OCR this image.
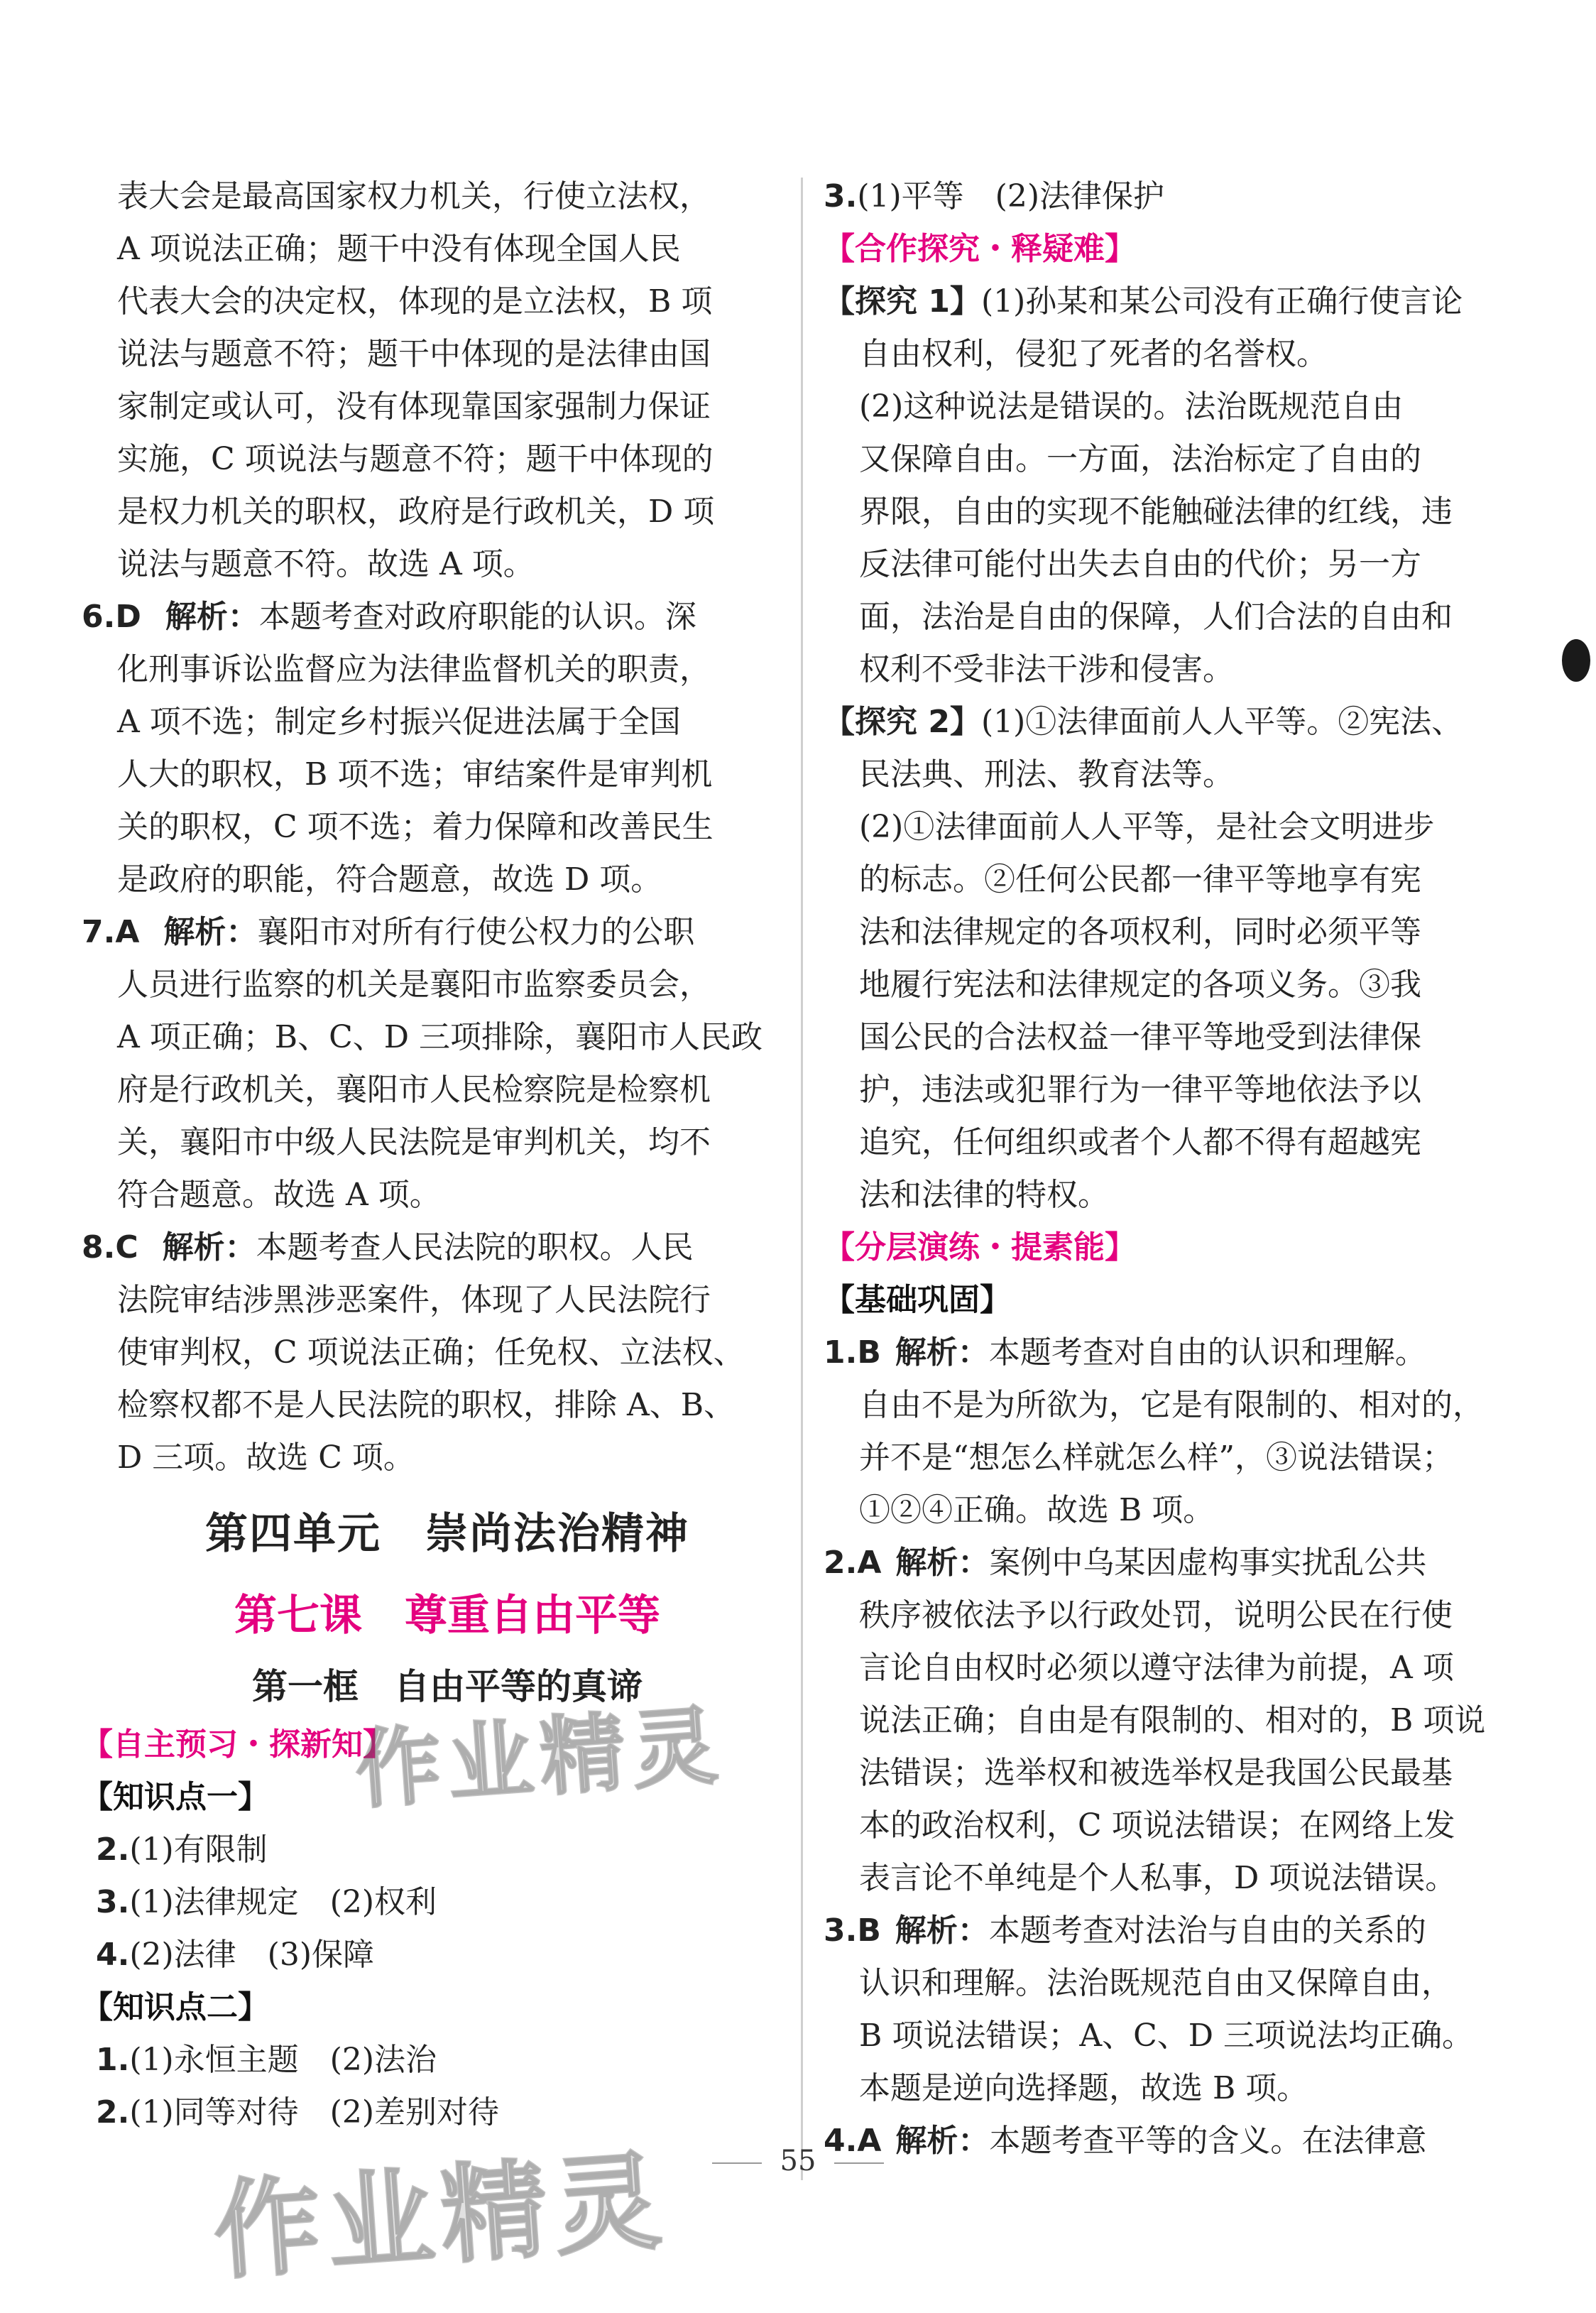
表大会是最高国家权力机关，行使立法权，

A 项说法正确；题干中没有体现全国人民

代表大会的决定权，体现的是立法权，B 项

说法与题意不符；题干中体现的是法律由国

家制定或认可，没有体现靠国家强制力保证

实施，C 项说法与题意不符；题干中体现的

是权力机关的职权，政府是行政机关，D 项

说法与题意不符。故选 A 项。

6.D 解析：本题考查对政府职能的认识。深

化刑事诉讼监督应为法律监督机关的职责，

A 项不选；制定乡村振兴促进法属于全国

人大的职权，B 项不选；审结案件是审判机

关的职权，C 项不选；着力保障和改善民生

是政府的职能，符合题意，故选 D 项。

7.A 解析：襄阳市对所有行使公权力的公职

人员进行监察的机关是襄阳市监察委员会，

A 项正确；B、C、D 三项排除，襄阳市人民政

府是行政机关，襄阳市人民检察院是检察机

关，襄阳市中级人民法院是审判机关，均不

符合题意。故选 A 项。

8.C 解析：本题考查人民法院的职权。人民

法院审结涉黑涉恶案件，体现了人民法院行

使审判权，C 项说法正确；任免权、立法权、

检察权都不是人民法院的职权，排除 A、B、

D 三项。故选 C 项。

第四单元　崇尚法治精神

第七课　尊重自由平等

第一框　自由平等的真谛

【自主预习・探新知】

【知识点一】

2.(1)有限制

3.(1)法律规定　(2)权利

4.(2)法律　(3)保障

【知识点二】

1.(1)永恒主题　(2)法治

2.(1)同等对待　(2)差别对待

3.(1)平等　(2)法律保护

【合作探究・释疑难】

【探究 1】(1)孙某和某公司没有正确行使言论

自由权利，侵犯了死者的名誉权。

(2)这种说法是错误的。法治既规范自由

又保障自由。一方面，法治标定了自由的

界限，自由的实现不能触碰法律的红线，违

反法律可能付出失去自由的代价；另一方

面，法治是自由的保障，人们合法的自由和

权利不受非法干涉和侵害。

【探究 2】(1)①法律面前人人平等。②宪法、

民法典、刑法、教育法等。

(2)①法律面前人人平等，是社会文明进步

的标志。②任何公民都一律平等地享有宪

法和法律规定的各项权利，同时必须平等

地履行宪法和法律规定的各项义务。③我

国公民的合法权益一律平等地受到法律保

护，违法或犯罪行为一律平等地依法予以

追究，任何组织或者个人都不得有超越宪

法和法律的特权。

【分层演练・提素能】

【基础巩固】

1.B 解析：本题考查对自由的认识和理解。

自由不是为所欲为，它是有限制的、相对的，

并不是“想怎么样就怎么样”，③说法错误；

①②④正确。故选 B 项。

2.A 解析：案例中乌某因虚构事实扰乱公共

秩序被依法予以行政处罚，说明公民在行使

言论自由权时必须以遵守法律为前提，A 项

说法正确；自由是有限制的、相对的，B 项说

法错误；选举权和被选举权是我国公民最基

本的政治权利，C 项说法错误；在网络上发

表言论不单纯是个人私事，D 项说法错误。

3.B 解析：本题考查对法治与自由的关系的

认识和理解。法治既规范自由又保障自由，

B 项说法错误；A、C、D 三项说法均正确。

本题是逆向选择题，故选 B 项。

4.A 解析：本题考查平等的含义。在法律意

作业精灵
作业精灵	55
